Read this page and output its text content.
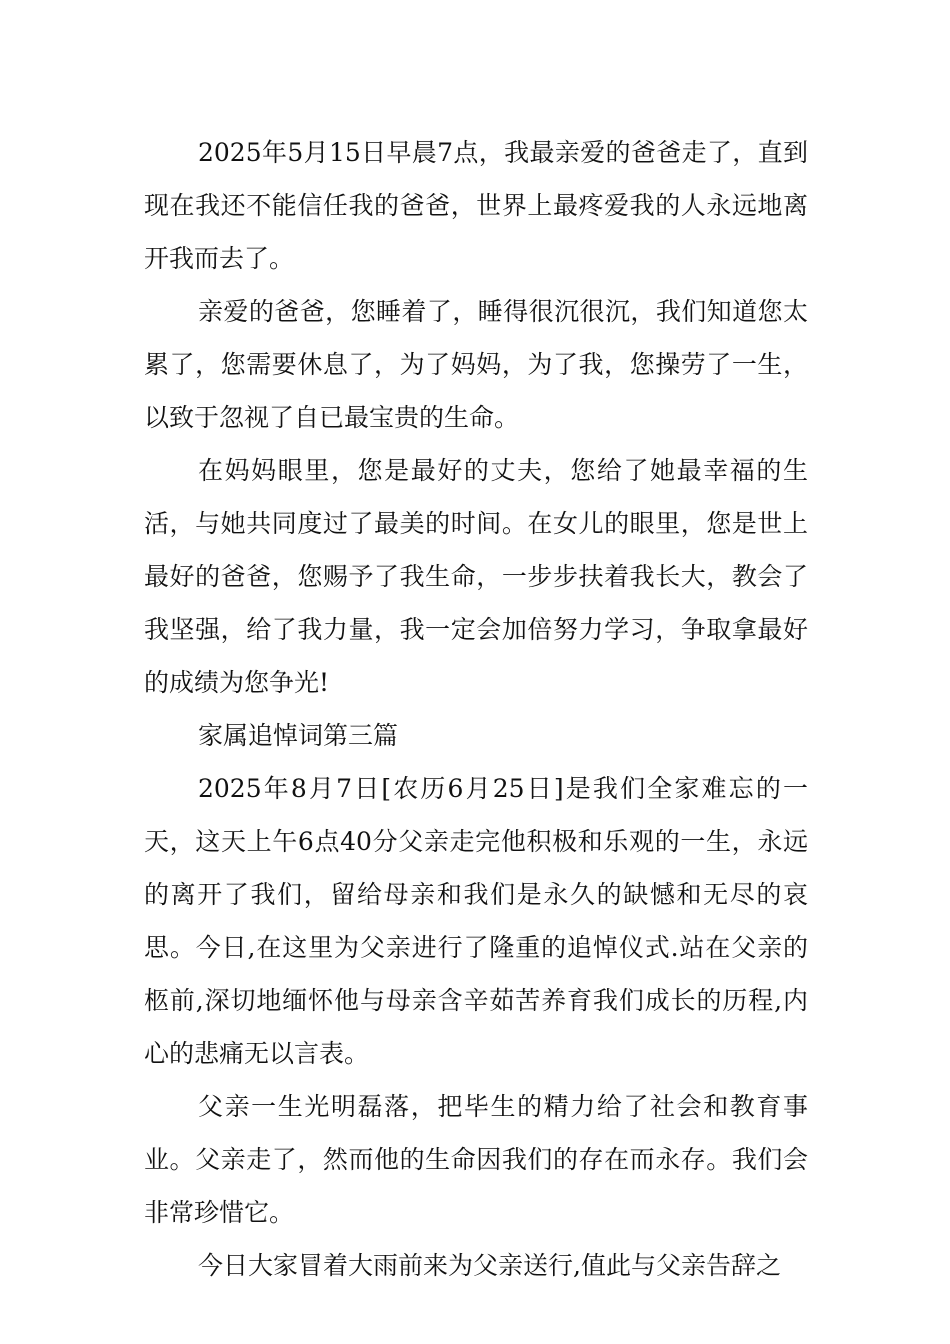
2025年5月15日早晨7点，我最亲爱的爸爸走了，直到现在我还不能信任我的爸爸，世界上最疼爱我的人永远地离开我而去了。

亲爱的爸爸，您睡着了，睡得很沉很沉，我们知道您太累了，您需要休息了，为了妈妈，为了我，您操劳了一生，以致于忽视了自已最宝贵的生命。

在妈妈眼里，您是最好的丈夫，您给了她最幸福的生活，与她共同度过了最美的时间。在女儿的眼里，您是世上最好的爸爸，您赐予了我生命，一步步扶着我长大，教会了我坚强，给了我力量，我一定会加倍努力学习，争取拿最好的成绩为您争光!

家属追悼词第三篇

2025年8月7日[农历6月25日]是我们全家难忘的一天，这天上午6点40分父亲走完他积极和乐观的一生，永远的离开了我们，留给母亲和我们是永久的缺憾和无尽的哀思。今日,在这里为父亲进行了隆重的追悼仪式.站在父亲的柩前,深切地缅怀他与母亲含辛茹苦养育我们成长的历程,内心的悲痛无以言表。

父亲一生光明磊落，把毕生的精力给了社会和教育事业。父亲走了，然而他的生命因我们的存在而永存。我们会非常珍惜它。

今日大家冒着大雨前来为父亲送行,值此与父亲告辞之
